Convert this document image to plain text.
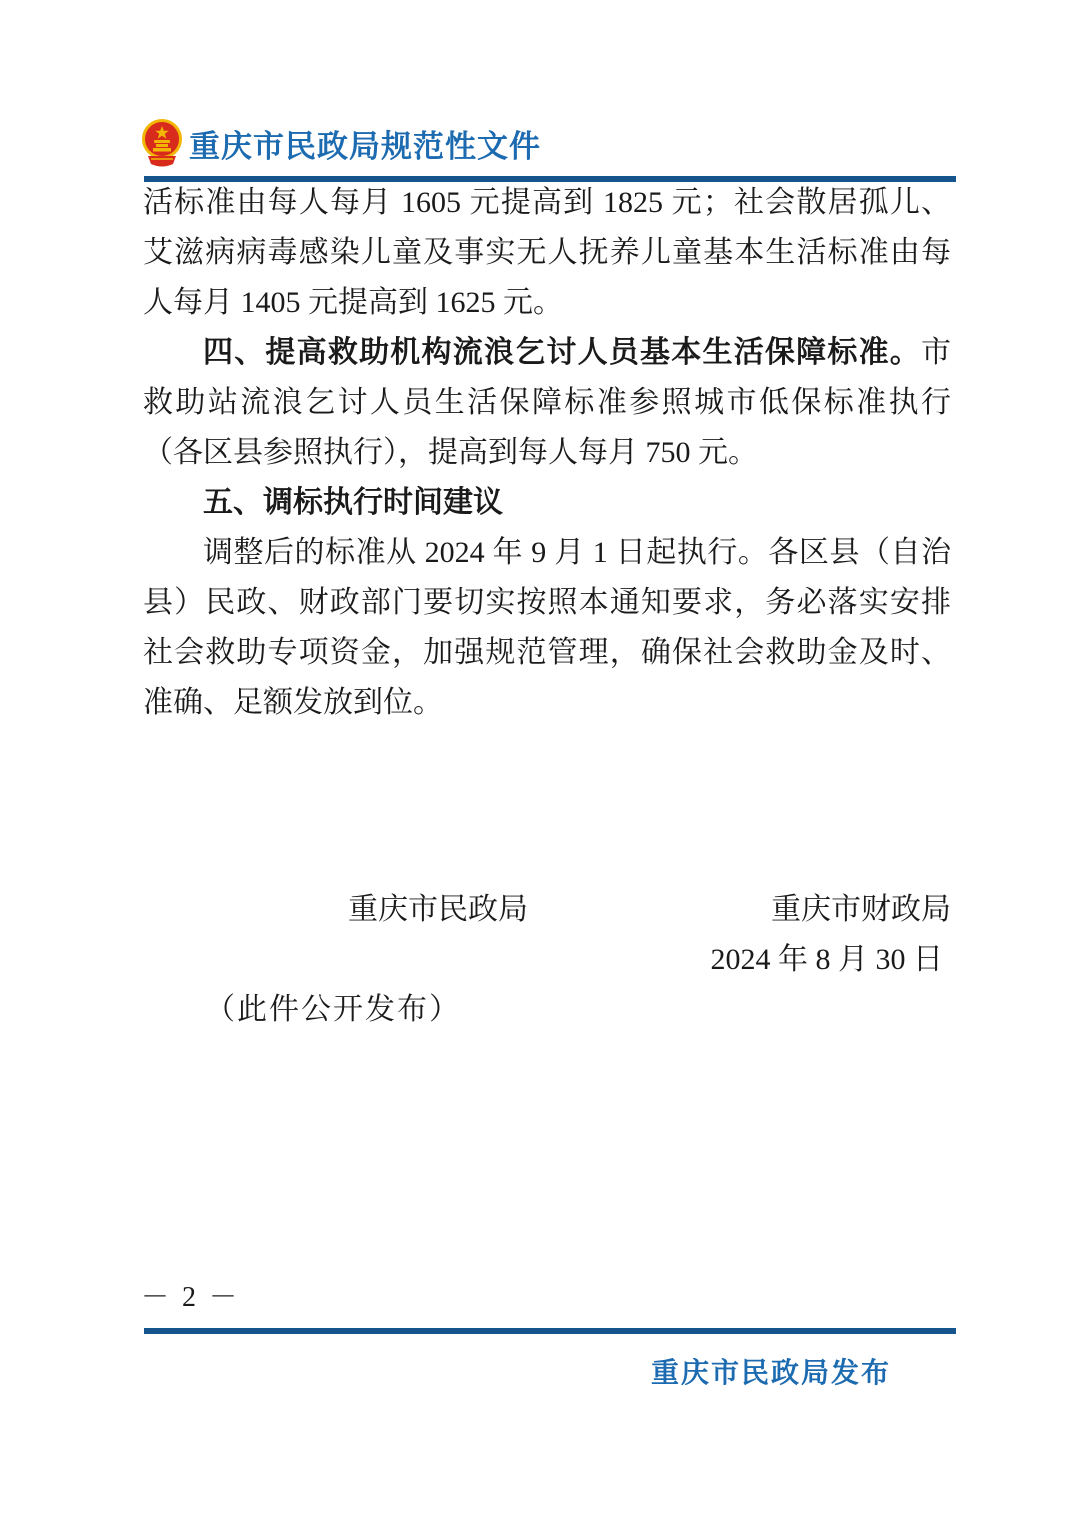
重庆市民政局规范性文件

活标准由每人每月 1605 元提高到 1825 元；社会散居孤儿、艾滋病病毒感染儿童及事实无人抚养儿童基本生活标准由每人每月 1405 元提高到 1625 元。

四、提高救助机构流浪乞讨人员基本生活保障标准。市救助站流浪乞讨人员生活保障标准参照城市低保标准执行（各区县参照执行），提高到每人每月 750 元。

五、调标执行时间建议

调整后的标准从 2024 年 9 月 1 日起执行。各区县（自治县）民政、财政部门要切实按照本通知要求，务必落实安排社会救助专项资金，加强规范管理，确保社会救助金及时、准确、足额发放到位。

重庆市民政局	重庆市财政局
2024 年 8 月 30 日
（此件公开发布）
－ 2 －
重庆市民政局发布
